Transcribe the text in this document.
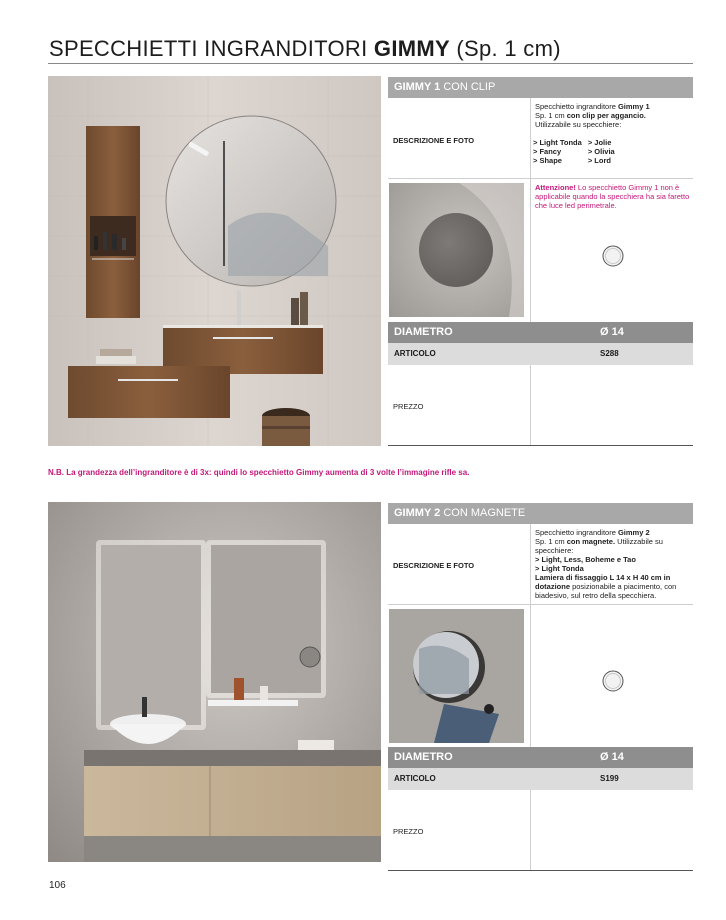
SPECCHIETTI INGRANDITORI GIMMY (Sp. 1 cm)
GIMMY 1 CON CLIP
DESCRIZIONE E FOTO
Specchietto ingranditore Gimmy 1
Sp. 1 cm con clip per aggancio.
Utilizzabile su specchiere:
> Light Tonda	> Jolie
> Fancy	> Olivia
> Shape	> Lord
Attenzione! Lo specchietto Gimmy 1 non è applicabile quando la specchiera ha sia faretto che luce led perimetrale.
DIAMETRO	Ø 14
ARTICOLO	S288
PREZZO
N.B. La grandezza dell’ingranditore è di 3x: quindi lo specchietto Gimmy aumenta di 3 volte l’immagine rifle sa.
GIMMY 2 CON MAGNETE
DESCRIZIONE E FOTO
Specchietto ingranditore Gimmy 2
Sp. 1 cm con magnete. Utilizzabile su specchiere:
> Light, Less, Boheme e Tao
> Light Tonda
Lamiera di fissaggio L 14 x H 40 cm in dotazione posizionabile a piacimento, con biadesivo, sul retro della specchiera.
DIAMETRO	Ø 14
ARTICOLO	S199
PREZZO
106
